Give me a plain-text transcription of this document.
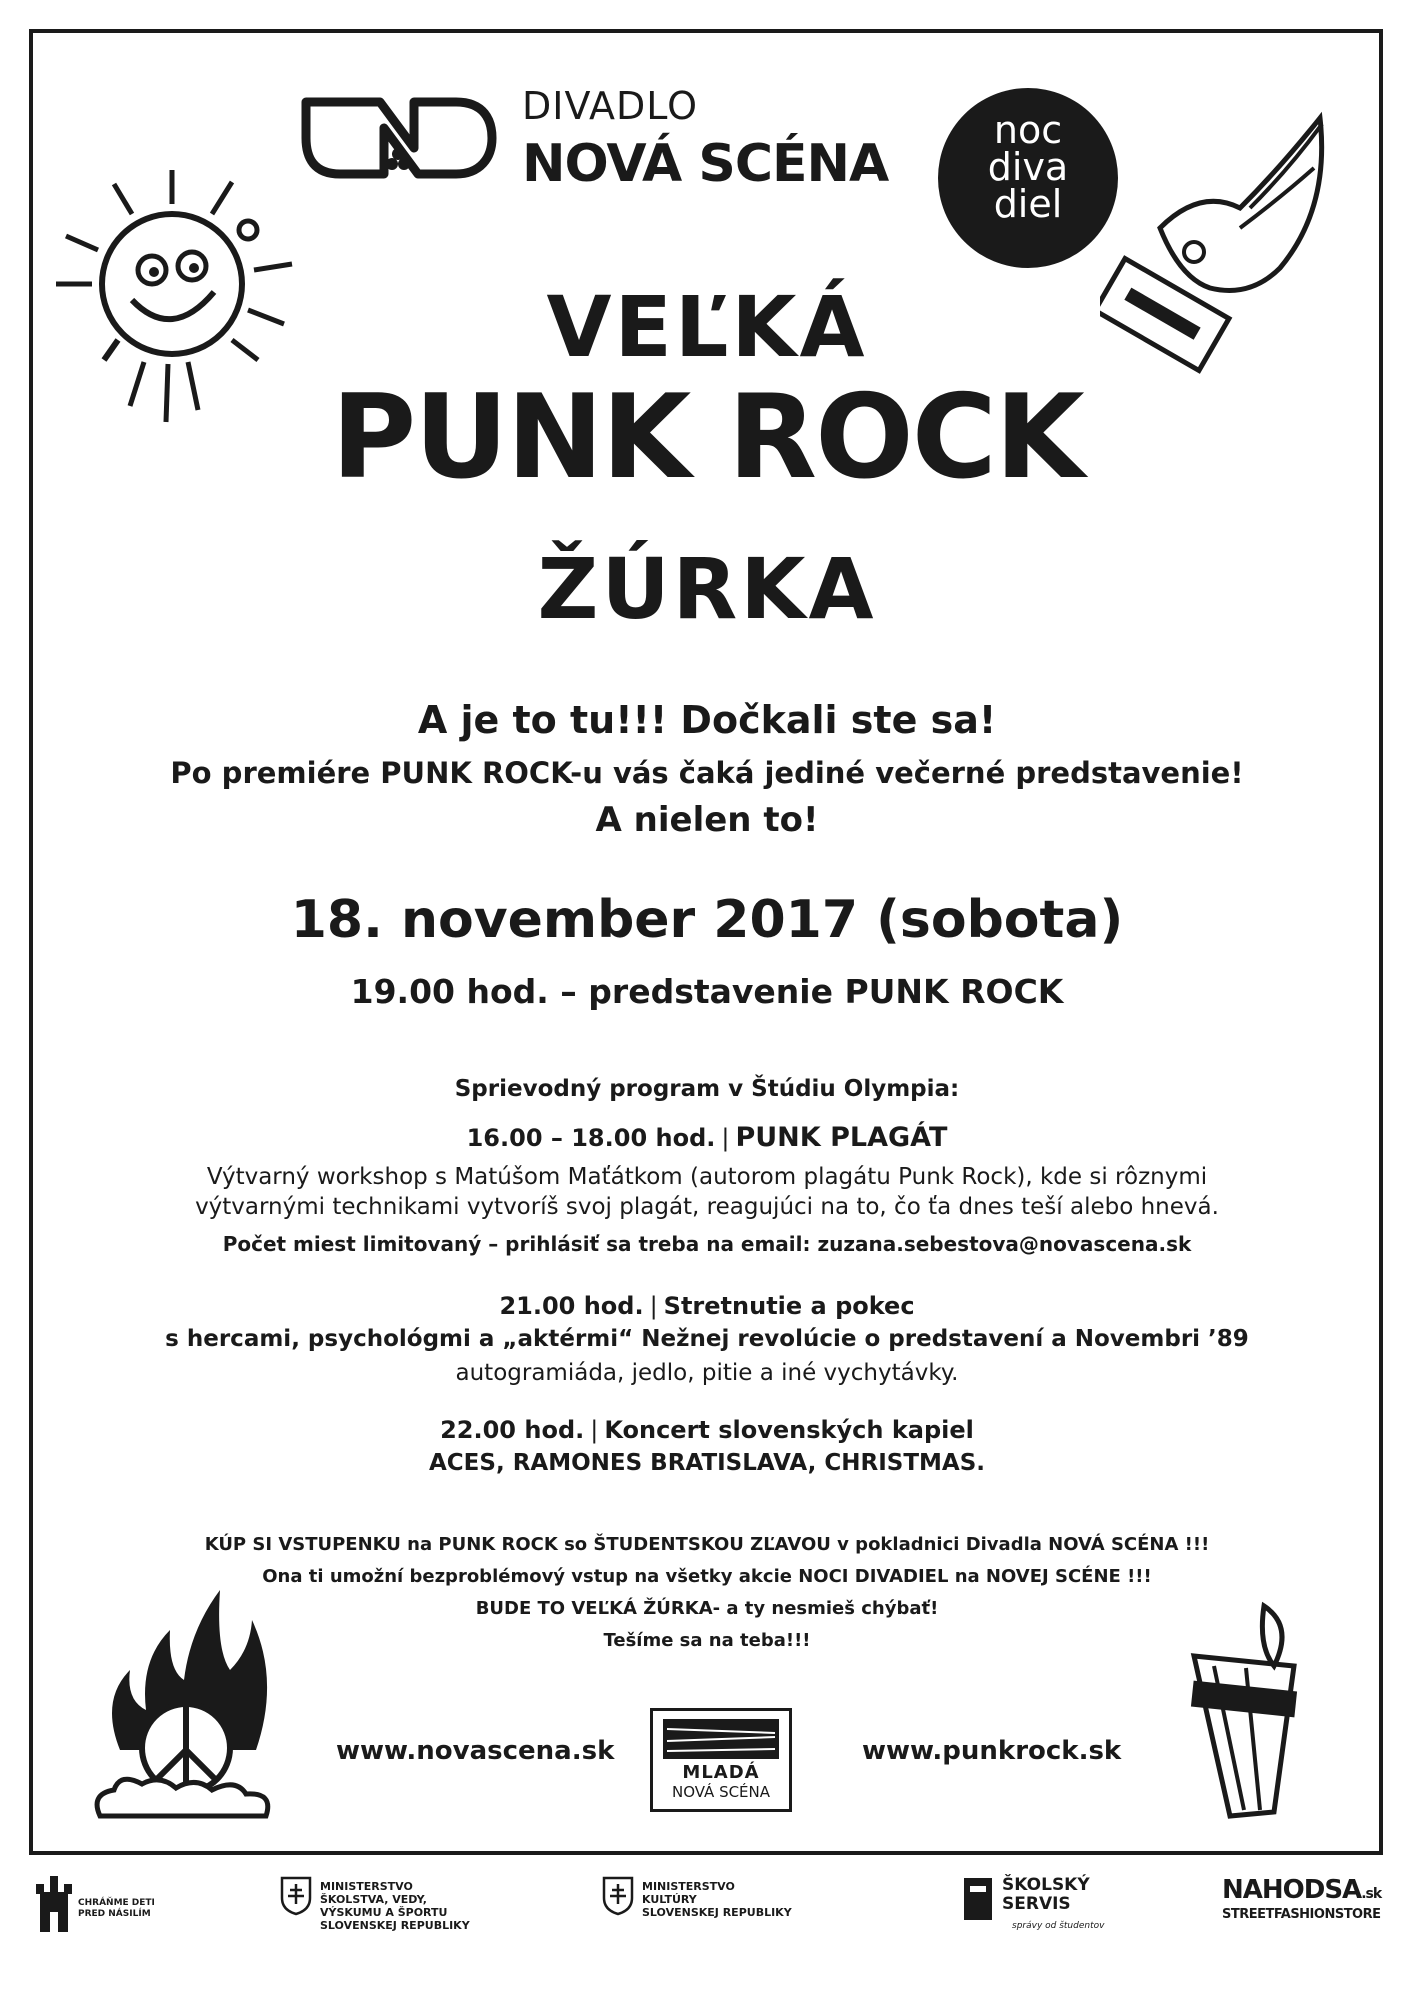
DIVADLO
NOVÁ SCÉNA
noc
diva
diel
VEĽKÁ
PUNK ROCK
ŽÚRKA
A je to tu!!! Dočkali ste sa!
Po premiére PUNK ROCK-u vás čaká jediné večerné predstavenie!
A nielen to!
18. november 2017 (sobota)
19.00 hod. – predstavenie PUNK ROCK
Sprievodný program v Štúdiu Olympia:
16.00 – 18.00 hod. | PUNK PLAGÁT
Výtvarný workshop s Matúšom Maťátkom (autorom plagátu Punk Rock), kde si rôznymi
výtvarnými technikami vytvoríš svoj plagát, reagujúci na to, čo ťa dnes teší alebo hnevá.
Počet miest limitovaný – prihlásiť sa treba na email: zuzana.sebestova@novascena.sk
21.00 hod. | Stretnutie a pokec
s hercami, psychológmi a „aktérmi“ Nežnej revolúcie o predstavení a Novembri ’89
autogramiáda, jedlo, pitie a iné vychytávky.
22.00 hod. | Koncert slovenských kapiel
ACES, RAMONES BRATISLAVA, CHRISTMAS.
KÚP SI VSTUPENKU na PUNK ROCK so ŠTUDENTSKOU ZĽAVOU v pokladnici Divadla NOVÁ SCÉNA !!!
Ona ti umožní bezproblémový vstup na všetky akcie NOCI DIVADIEL na NOVEJ SCÉNE !!!
BUDE TO VEĽKÁ ŽÚRKA- a ty nesmieš chýbať!
Tešíme sa na teba!!!
www.novascena.sk
MLADÁ
NOVÁ SCÉNA
www.punkrock.sk
CHRÁŇME DETI PRED NÁSILÍM
MINISTERSTVO
ŠKOLSTVA, VEDY,
VÝSKUMU A ŠPORTU
SLOVENSKEJ REPUBLIKY
MINISTERSTVO
KULTÚRY
SLOVENSKEJ REPUBLIKY
ŠKOLSKÝ
SERVIS
správy od študentov
NAHODSA.sk
STREETFASHIONSTORE
